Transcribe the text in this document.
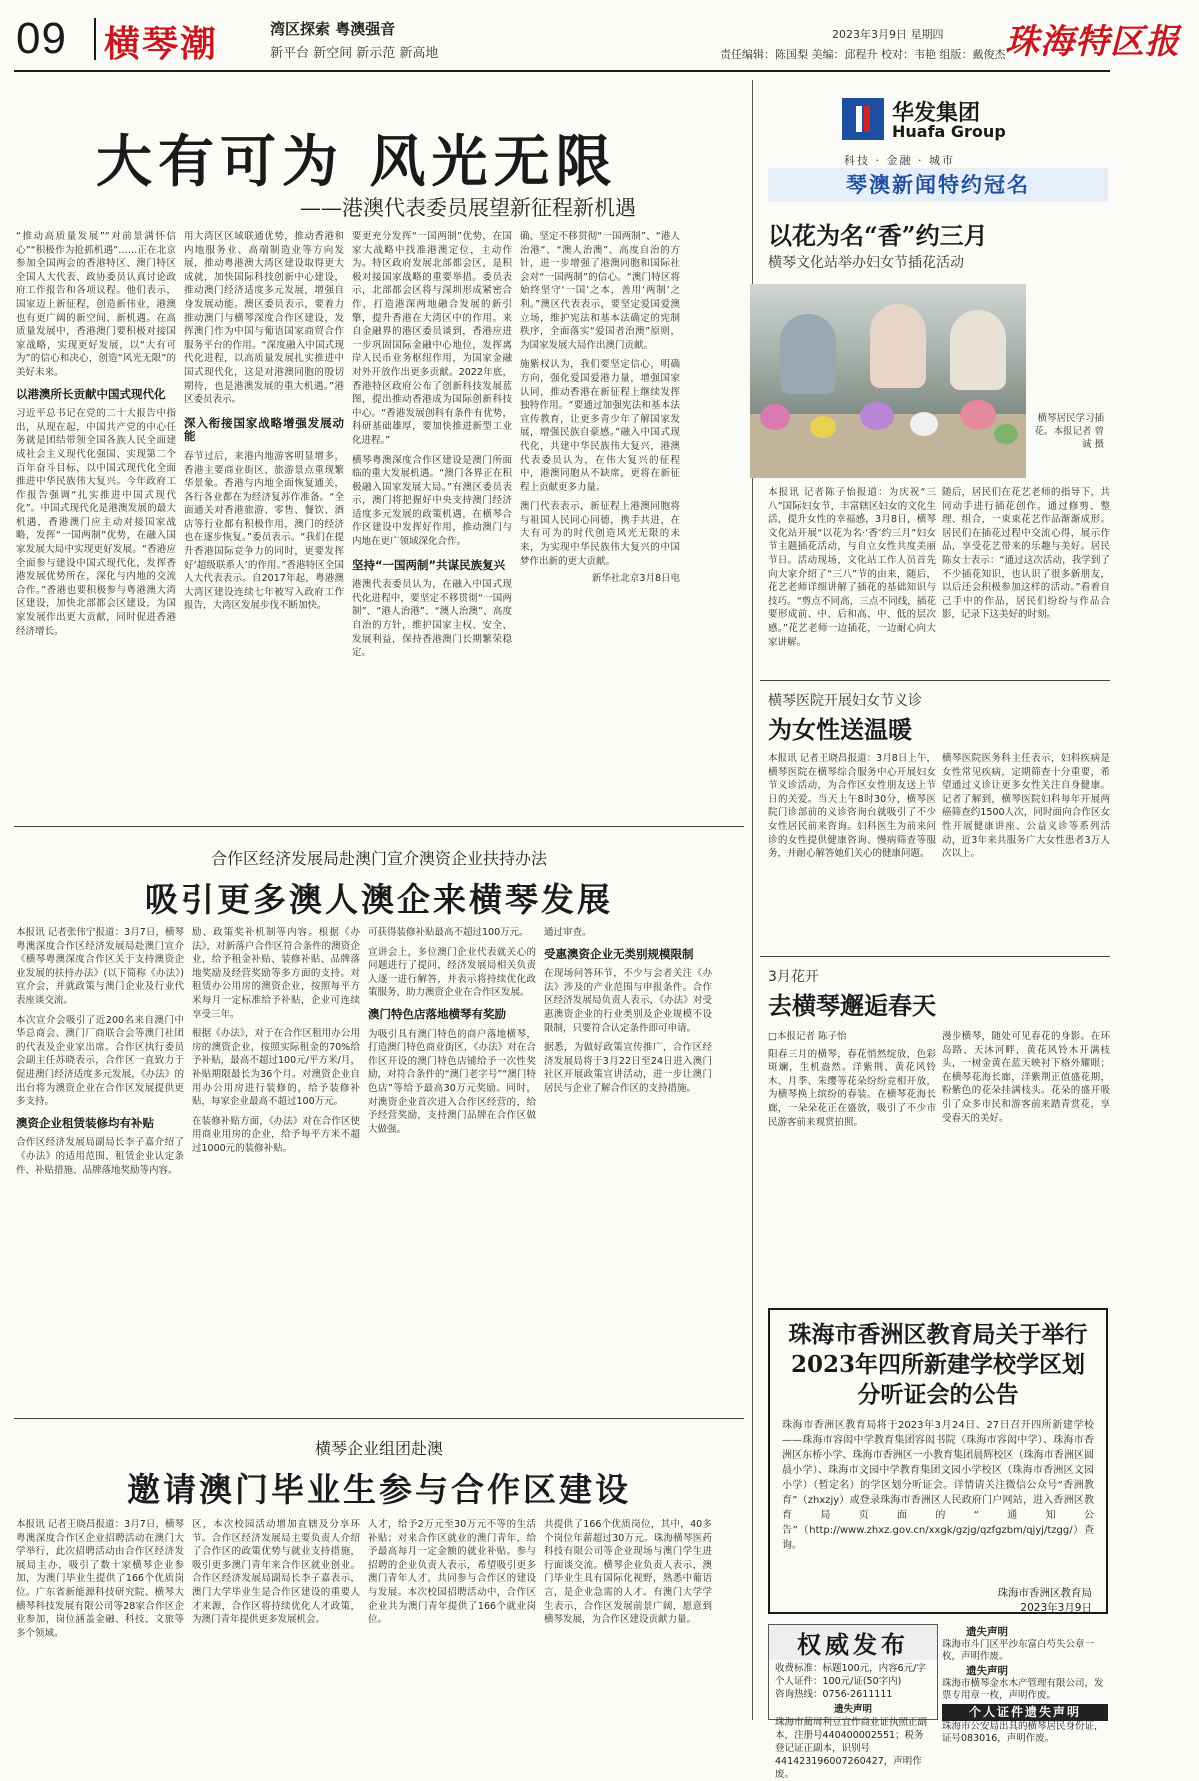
09 横琴潮	湾区探索 粤澳强音
新平台 新空间 新示范 新高地
2023年3月9日 星期四
责任编辑：陈国梨 美编：邱程升 校对：韦艳 组版：戴俊杰 珠海特区报
大有可为 风光无限
——港澳代表委员展望新征程新机遇

“推动高质量发展”“对前景满怀信心”“积极作为抢抓机遇”……正在北京参加全国两会的香港特区、澳门特区全国人大代表、政协委员认真讨论政府工作报告和各项议程。他们表示，国家迈上新征程，创造新伟业，港澳也有更广阔的新空间、新机遇。在高质量发展中，香港澳门要积极对接国家战略，实现更好发展，以“大有可为”的信心和决心，创造“风光无限”的美好未来。

以港澳所长贡献中国式现代化

习近平总书记在党的二十大报告中指出，从现在起，中国共产党的中心任务就是团结带领全国各族人民全面建成社会主义现代化强国、实现第二个百年奋斗目标，以中国式现代化全面推进中华民族伟大复兴。今年政府工作报告强调“扎实推进中国式现代化”。中国式现代化是港澳发展的最大机遇，香港澳门应主动对接国家战略，发挥“一国两制”优势，在融入国家发展大局中实现更好发展。“香港应全面参与建设中国式现代化，发挥香港发展优势所在，深化与内地的交流合作。”香港也要积极参与粤港澳大湾区建设，加快北部都会区建设，为国家发展作出更大贡献，同时促进香港经济增长。

用大湾区区域联通优势，推动香港和内地服务业、高端制造业等方向发展，推动粤港澳大湾区建设取得更大成就，加快国际科技创新中心建设，推动澳门经济适度多元发展，增强自身发展动能。澳区委员表示，要着力推动澳门与横琴深度合作区建设，发挥澳门作为中国与葡语国家商贸合作服务平台的作用。“深度融入中国式现代化进程，以高质量发展扎实推进中国式现代化，这是对港澳同胞的殷切期待，也是港澳发展的重大机遇。”港区委员表示。

深入衔接国家战略增强发展动能

春节过后，来港内地游客明显增多，香港主要商业街区、旅游景点重现繁华景象。香港与内地全面恢复通关，各行各业都在为经济复苏作准备。“全面通关对香港旅游、零售、餐饮、酒店等行业都有积极作用，澳门的经济也在逐步恢复。”委员表示。“我们在提升香港国际竞争力的同时，更要发挥好‘超级联系人’的作用。”香港特区全国人大代表表示。自2017年起，粤港澳大湾区建设连续七年被写入政府工作报告，大湾区发展步伐不断加快。

要更充分发挥“一国两制”优势，在国家大战略中找准港澳定位，主动作为。特区政府发展北部都会区，是积极对接国家战略的重要举措。委员表示，北部都会区将与深圳形成紧密合作，打造港深两地融合发展的新引擎，提升香港在大湾区中的作用。来自金融界的港区委员谈到，香港应进一步巩固国际金融中心地位，发挥离岸人民币业务枢纽作用，为国家金融对外开放作出更多贡献。2022年底，香港特区政府公布了创新科技发展蓝图，提出推动香港成为国际创新科技中心。“香港发展创科有条件有优势，科研基础雄厚，要加快推进新型工业化进程。”

横琴粤澳深度合作区建设是澳门所面临的重大发展机遇。“澳门各界正在积极融入国家发展大局。”有澳区委员表示，澳门将把握好中央支持澳门经济适度多元发展的政策机遇，在横琴合作区建设中发挥好作用，推动澳门与内地在更广领域深化合作。

坚持“一国两制”共谋民族复兴

港澳代表委员认为，在融入中国式现代化进程中，要坚定不移贯彻“一国两制”、“港人治港”、“澳人治澳”、高度自治的方针，维护国家主权、安全、发展利益，保持香港澳门长期繁荣稳定。

确、坚定不移贯彻“一国两制”、“港人治港”、“澳人治澳”、高度自治的方针，进一步增强了港澳同胞和国际社会对“一国两制”的信心。“澳门特区将始终坚守‘一国’之本，善用‘两制’之利。”澳区代表表示，要坚定爱国爱澳立场，维护宪法和基本法确定的宪制秩序，全面落实“爱国者治澳”原则，为国家发展大局作出澳门贡献。

施紫权认为，我们要坚定信心，明确方向，强化爱国爱港力量，增强国家认同，推动香港在新征程上继续发挥独特作用。“要通过加强宪法和基本法宣传教育，让更多青少年了解国家发展，增强民族自豪感。”融入中国式现代化，共建中华民族伟大复兴，港澳代表委员认为，在伟大复兴的征程中，港澳同胞从不缺席，更将在新征程上贡献更多力量。

澳门代表表示，新征程上港澳同胞将与祖国人民同心同德，携手共进，在大有可为的时代创造风光无限的未来，为实现中华民族伟大复兴的中国梦作出新的更大贡献。

新华社北京3月8日电

合作区经济发展局赴澳门宣介澳资企业扶持办法
吸引更多澳人澳企来横琴发展

本报讯 记者张伟宁报道：3月7日，横琴粤澳深度合作区经济发展局赴澳门宣介《横琴粤澳深度合作区关于支持澳资企业发展的扶持办法》(以下简称《办法》)宣介会，并就政策与澳门企业及行业代表座谈交流。

本次宣介会吸引了近200名来自澳门中华总商会、澳门厂商联合会等澳门社团的代表及企业家出席。合作区执行委员会副主任苏晓表示，合作区一直致力于促进澳门经济适度多元发展，《办法》的出台将为澳资企业在合作区发展提供更多支持。

澳资企业租赁装修均有补贴

合作区经济发展局副局长李子嘉介绍了《办法》的适用范围、租赁企业认定条件、补贴措施、品牌落地奖励等内容。

励、政策奖补机制等内容。根据《办法》，对新落户合作区符合条件的澳资企业，给予租金补贴、装修补贴、品牌落地奖励及经营奖励等多方面的支持。对租赁办公用房的澳资企业，按照每平方米每月一定标准给予补贴，企业可连续享受三年。

根据《办法》，对于在合作区租用办公用房的澳资企业，按照实际租金的70%给予补贴，最高不超过100元/平方米/月，补贴期限最长为36个月。对澳资企业自用办公用房进行装修的，给予装修补贴，每家企业最高不超过100万元。

在装修补贴方面，《办法》对在合作区使用商业用房的企业，给予每平方米不超过1000元的装修补贴。

可获得装修补贴最高不超过100万元。

宣讲会上，多位澳门企业代表就关心的问题进行了提问，经济发展局相关负责人逐一进行解答，并表示将持续优化政策服务，助力澳资企业在合作区发展。

澳门特色店落地横琴有奖励

为吸引具有澳门特色的商户落地横琴，打造澳门特色商业街区，《办法》对在合作区开设的澳门特色店铺给予一次性奖励，对符合条件的“澳门老字号”“澳门特色店”等给予最高30万元奖励。同时，对澳资企业首次进入合作区经营的，给予经营奖励，支持澳门品牌在合作区做大做强。

通过审查。

受惠澳资企业无类别规模限制

在现场问答环节，不少与会者关注《办法》涉及的产业范围与申报条件。合作区经济发展局负责人表示，《办法》对受惠澳资企业的行业类别及企业规模不设限制，只要符合认定条件即可申请。

据悉，为做好政策宣传推广，合作区经济发展局将于3月22日至24日进入澳门社区开展政策宣讲活动，进一步让澳门居民与企业了解合作区的支持措施。

横琴企业组团赴澳
邀请澳门毕业生参与合作区建设
本报讯 记者王晓昌报道：3月7日，横琴粤澳深度合作区企业招聘活动在澳门大学举行，此次招聘活动由合作区经济发展局主办，吸引了数十家横琴企业参加，为澳门毕业生提供了166个优质岗位。广东省新能源科技研究院、横琴大横琴科技发展有限公司等28家合作区企业参加，岗位涵盖金融、科技、文旅等多个领域。
区，本次校园活动增加直辖及分享环节。合作区经济发展局主要负责人介绍了合作区的政策优势与就业支持措施，吸引更多澳门青年来合作区就业创业。合作区经济发展局副局长李子嘉表示，澳门大学毕业生是合作区建设的重要人才来源，合作区将持续优化人才政策，为澳门青年提供更多发展机会。
人才，给予2万元至30万元不等的生活补贴；对来合作区就业的澳门青年，给予最高每月一定金额的就业补贴。参与招聘的企业负责人表示，希望吸引更多澳门青年人才，共同参与合作区的建设与发展。本次校园招聘活动中，合作区企业共为澳门青年提供了166个就业岗位。
共提供了166个优质岗位，其中，40多个岗位年薪超过30万元。珠海横琴医药科技有限公司等企业现场与澳门学生进行面谈交流。横琴企业负责人表示，澳门毕业生具有国际化视野，熟悉中葡语言，是企业急需的人才。有澳门大学学生表示，合作区发展前景广阔，愿意到横琴发展，为合作区建设贡献力量。
华发集团
Huafa Group
科技 · 金融 · 城市
琴澳新闻特约冠名
以花为名“香”约三月
横琴文化站举办妇女节插花活动
横琴居民学习插花。本报记者 曾诚 摄
本报讯 记者陈子怡报道：为庆祝“三八”国际妇女节，丰富辖区妇女的文化生活，提升女性的幸福感，3月8日，横琴文化站开展“以花为名·‘香’约三月”妇女节主题插花活动，与自立女性共度美丽节日。活动现场，文化站工作人员首先向大家介绍了“三八”节的由来，随后，花艺老师详细讲解了插花的基础知识与技巧。“剪点不同高，三点不同线，插花要形成前、中、后和高、中、低的层次感。”花艺老师一边插花，一边耐心向大家讲解。
随后，居民们在花艺老师的指导下，共同动手进行插花创作。通过修剪、整理、组合，一束束花艺作品渐渐成形。居民们在插花过程中交流心得，展示作品，享受花艺带来的乐趣与美好。居民陈女士表示：“通过这次活动，我学到了不少插花知识，也认识了很多新朋友，以后还会积极参加这样的活动。”看着自己手中的作品，居民们纷纷与作品合影，记录下这美好的时刻。
横琴医院开展妇女节义诊
为女性送温暖
本报讯 记者王晓昌报道：3月8日上午，横琴医院在横琴综合服务中心开展妇女节义诊活动，为合作区女性朋友送上节日的关爱。当天上午8时30分，横琴医院门诊部前的义诊咨询台就吸引了不少女性居民前来咨询。妇科医生为前来问诊的女性提供健康咨询、慢病筛查等服务，并耐心解答她们关心的健康问题。
横琴医院医务科主任表示，妇科疾病是女性常见疾病，定期筛查十分重要，希望通过义诊让更多女性关注自身健康。记者了解到，横琴医院妇科每年开展两癌筛查约1500人次，同时面向合作区女性开展健康讲座、公益义诊等系列活动，近3年来共服务广大女性患者3万人次以上。
3月花开
去横琴邂逅春天

□本报记者 陈子怡

阳春三月的横琴，春花悄然绽放，色彩斑斓，生机盎然。洋紫荆、黄花风铃木、月季、朱缨等花朵纷纷竞相开放，为横琴换上缤纷的春装。在横琴花海长廊，一朵朵花正在盛放，吸引了不少市民游客前来观赏拍照。

漫步横琴，随处可见春花的身影。在环岛路、天沐河畔，黄花风铃木开满枝头，一树金黄在蓝天映衬下格外耀眼；在横琴花海长廊，洋紫荆正值盛花期，粉紫色的花朵挂满枝头。花朵的盛开吸引了众多市民和游客前来踏青赏花，享受春天的美好。
珠海市香洲区教育局关于举行2023年四所新建学校学区划分听证会的公告
珠海市香洲区教育局将于2023年3月24日、27日召开四所新建学校——珠海市容闳中学教育集团容闳书院（珠海市容闳中学）、珠海市香洲区东桥小学、珠海市香洲区一小教育集团晨辉校区（珠海市香洲区圆晨小学）、珠海市文园中学教育集团文园小学校区（珠海市香洲区文园小学）（暂定名）的学区划分听证会。详情请关注微信公众号“香洲教育”（zhxzjy）或登录珠海市香洲区人民政府门户网站，进入香洲区教育局页面的“通知公告”（http://www.zhxz.gov.cn/xxgk/gzjg/qzfgzbm/qjyj/tzgg/）查询。
珠海市香洲区教育局
2023年3月9日
权威发布
收费标准：标题100元，内容6元/字
个人证件：100元/证(50字内)
咨询热线：0756-2611111
遗失声明
珠海市蔺周利豆宜作商业证执照正副本，注册号440400002551；税务登记证正副本，识别号441423196007260427，声明作废。
遗失声明
珠海市斗门区平沙东富白芍失公章一枚，声明作废。
遗失声明
珠海市横琴金水木产管理有限公司，发票专用章一枚，声明作废。
个人证件遗失声明
珠海市公安局出具的横琴居民身份证，证号083016，声明作废。
